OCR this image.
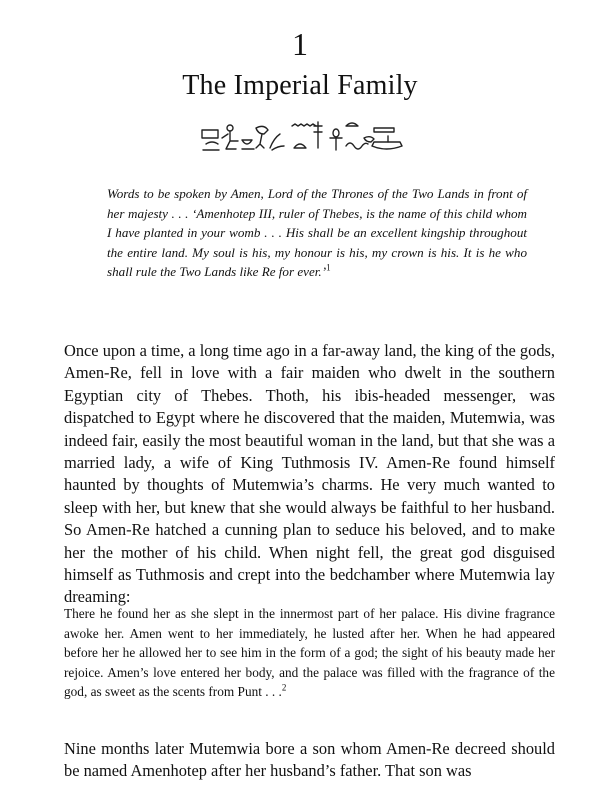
1
The Imperial Family
Words to be spoken by Amen, Lord of the Thrones of the Two Lands in front of her majesty . . . ‘Amenhotep III, ruler of Thebes, is the name of this child whom I have planted in your womb . . . His shall be an excellent kingship throughout the entire land. My soul is his, my honour is his, my crown is his. It is he who shall rule the Two Lands like Re for ever.’$^1$
Once upon a time, a long time ago in a far-away land, the king of the gods, Amen-Re, fell in love with a fair maiden who dwelt in the southern Egyptian city of Thebes. Thoth, his ibis-headed messenger, was dispatched to Egypt where he discovered that the maiden, Mutemwia, was indeed fair, easily the most beautiful woman in the land, but that she was a married lady, a wife of King Tuthmosis IV. Amen-Re found himself haunted by thoughts of Mutemwia’s charms. He very much wanted to sleep with her, but knew that she would always be faithful to her husband. So Amen-Re hatched a cunning plan to seduce his beloved, and to make her the mother of his child. When night fell, the great god disguised himself as Tuthmosis and crept into the bedchamber where Mutemwia lay dreaming:
There he found her as she slept in the innermost part of her palace. His divine fragrance awoke her. Amen went to her immediately, he lusted after her. When he had appeared before her he allowed her to see him in the form of a god; the sight of his beauty made her rejoice. Amen’s love entered her body, and the palace was filled with the fragrance of the god, as sweet as the scents from Punt . . .$^2$
Nine months later Mutemwia bore a son whom Amen-Re decreed should be named Amenhotep after her husband’s father. That son was
